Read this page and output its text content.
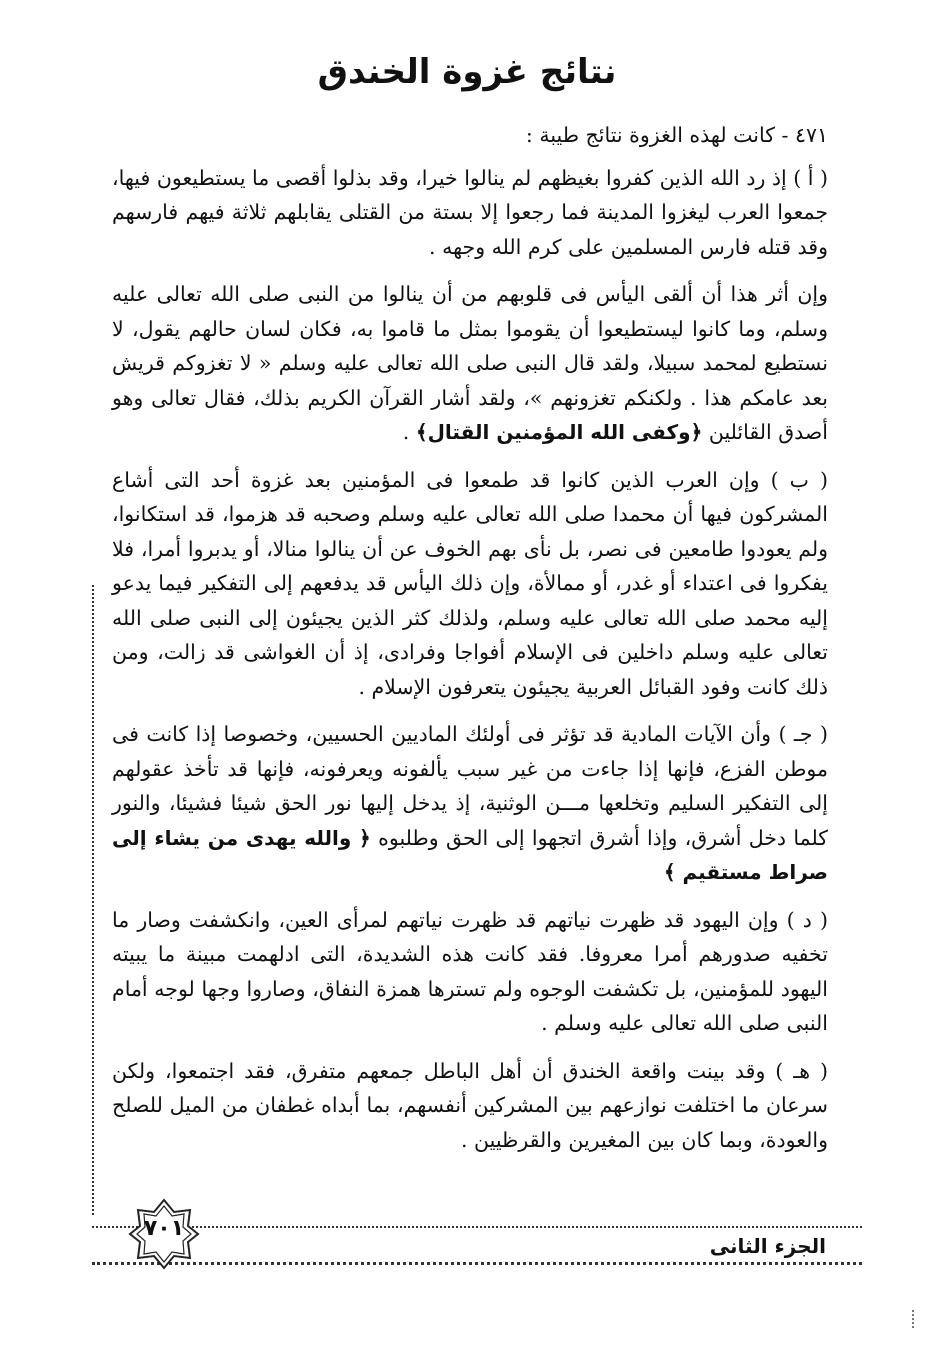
نتائج غزوة الخندق

٤٧١ - كانت لهذه الغزوة نتائج طيبة :

( أ ) إذ رد الله الذين كفروا بغيظهم لم ينالوا خيرا، وقد بذلوا أقصى ما يستطيعون فيها، جمعوا العرب ليغزوا المدينة فما رجعوا إلا بستة من القتلى يقابلهم ثلاثة فيهم فارسهم وقد قتله فارس المسلمين على كرم الله وجهه .

وإن أثر هذا أن ألقى اليأس فى قلوبهم من أن ينالوا من النبى صلى الله تعالى عليه وسلم، وما كانوا ليستطيعوا أن يقوموا بمثل ما قاموا به، فكان لسان حالهم يقول، لا نستطيع لمحمد سبيلا، ولقد قال النبى صلى الله تعالى عليه وسلم « لا تغزوكم قريش بعد عامكم هذا . ولكنكم تغزونهم »، ولقد أشار القرآن الكريم بذلك، فقال تعالى وهو أصدق القائلين ﴿وكفى الله المؤمنين القتال﴾ .

( ب ) وإن العرب الذين كانوا قد طمعوا فى المؤمنين بعد غزوة أحد التى أشاع المشركون فيها أن محمدا صلى الله تعالى عليه وسلم وصحبه قد هزموا، قد استكانوا، ولم يعودوا طامعين فى نصر، بل نأى بهم الخوف عن أن ينالوا منالا، أو يدبروا أمرا، فلا يفكروا فى اعتداء أو غدر، أو ممالأة، وإن ذلك اليأس قد يدفعهم إلى التفكير فيما يدعو إليه محمد صلى الله تعالى عليه وسلم، ولذلك كثر الذين يجيئون إلى النبى صلى الله تعالى عليه وسلم داخلين فى الإسلام أفواجا وفرادى، إذ أن الغواشى قد زالت، ومن ذلك كانت وفود القبائل العربية يجيئون يتعرفون الإسلام .

( جـ ) وأن الآيات المادية قد تؤثر فى أولئك الماديين الحسيين، وخصوصا إذا كانت فى موطن الفزع، فإنها إذا جاءت من غير سبب يألفونه ويعرفونه، فإنها قد تأخذ عقولهم إلى التفكير السليم وتخلعها مـــن الوثنية، إذ يدخل إليها نور الحق شيئا فشيئا، والنور كلما دخل أشرق، وإذا أشرق اتجهوا إلى الحق وطلبوه ﴿ والله يهدى من يشاء إلى صراط مستقيم ﴾

( د ) وإن اليهود قد ظهرت نياتهم قد ظهرت نياتهم لمرأى العين، وانكشفت وصار ما تخفيه صدورهم أمرا معروفا. فقد كانت هذه الشديدة، التى ادلهمت مبينة ما يبيته اليهود للمؤمنين، بل تكشفت الوجوه ولم تسترها همزة النفاق، وصاروا وجها لوجه أمام النبى صلى الله تعالى عليه وسلم .

( هـ ) وقد بينت واقعة الخندق أن أهل الباطل جمعهم متفرق، فقد اجتمعوا، ولكن سرعان ما اختلفت نوازعهم بين المشركين أنفسهم، بما أبداه غطفان من الميل للصلح والعودة، وبما كان بين المغيرين والقرظيين .

٧٠١
الجزء الثانى
